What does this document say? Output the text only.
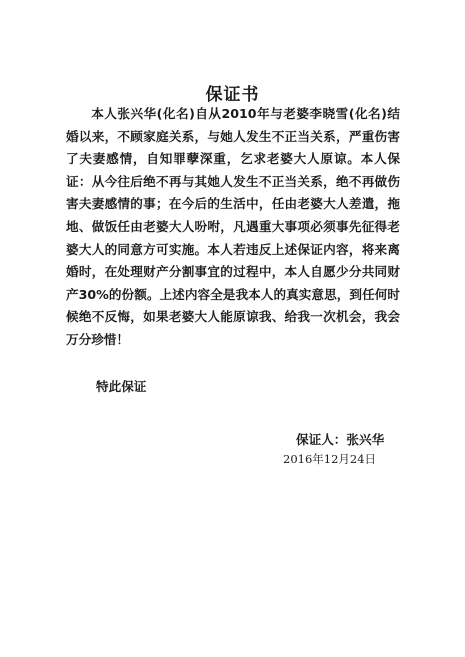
保证书

本人张兴华(化名)自从2010年与老婆李晓雪(化名)结婚以来，不顾家庭关系，与她人发生不正当关系，严重伤害了夫妻感情，自知罪孽深重，乞求老婆大人原谅。本人保证：从今往后绝不再与其她人发生不正当关系，绝不再做伤害夫妻感情的事；在今后的生活中，任由老婆大人差遣，拖地、做饭任由老婆大人吩咐，凡遇重大事项必须事先征得老婆大人的同意方可实施。本人若违反上述保证内容，将来离婚时，在处理财产分割事宜的过程中，本人自愿少分共同财产30%的份额。上述内容全是我本人的真实意思，到任何时候绝不反悔，如果老婆大人能原谅我、给我一次机会，我会万分珍惜！

特此保证
保证人：张兴华
2016年12月24日
